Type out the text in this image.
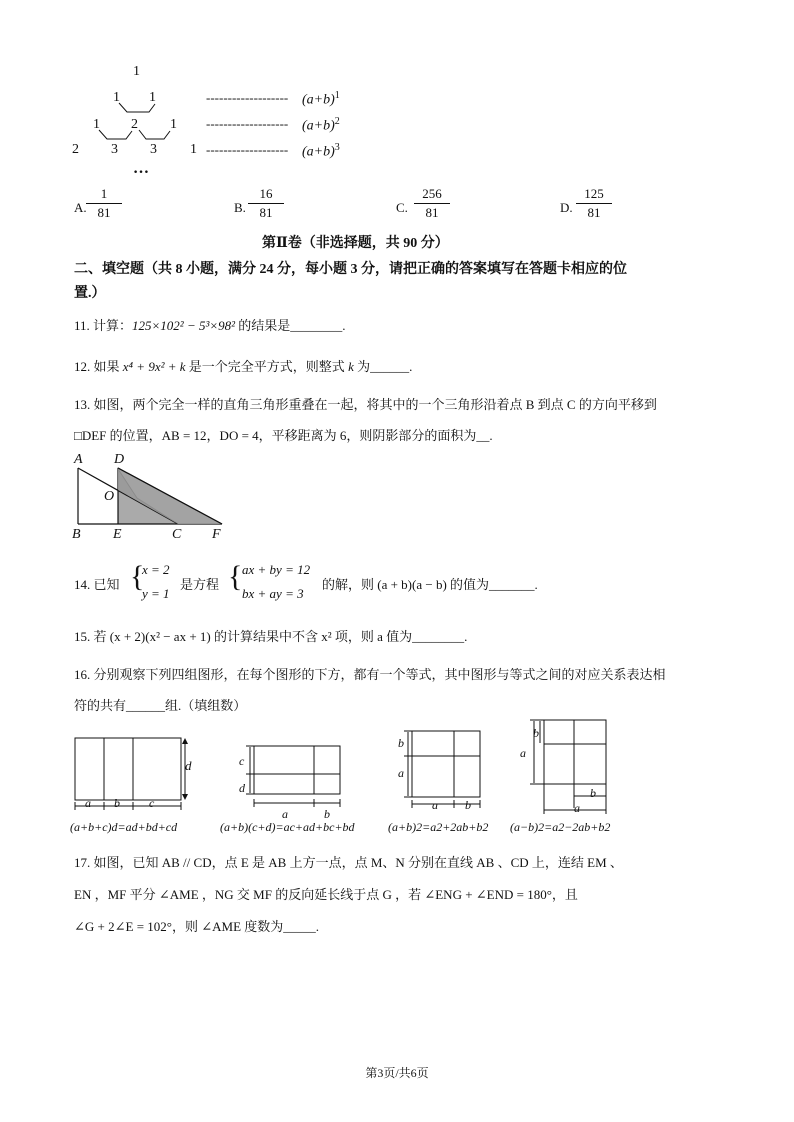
1
1 1
1 2 1
2 3 3 1
…
------------------- $(a+b)^1$
------------------- $(a+b)^2$
------------------- $(a+b)^3$
A. $\frac{1}{81}$	B. $\frac{16}{81}$	C. $\frac{256}{81}$	D. $\frac{125}{81}$
第Ⅱ卷（非选择题，共 90 分）
二、填空题（共 8 小题，满分 24 分，每小题 3 分，请把正确的答案填写在答题卡相应的位
置.）
11. 计算：125×102² − 5³×98² 的结果是________.
12. 如果 x⁴ + 9x² + k 是一个完全平方式，则整式 k 为______.
13. 如图，两个完全一样的直角三角形重叠在一起，将其中的一个三角形沿着点 B 到点 C 的方向平移到
□DEF 的位置，AB = 12，DO = 4，平移距离为 6，则阴影部分的面积为__.
A D
O
B E	C F
14. 已知 {
x = 2
y = 1
是方程 { ax + by = 12
bx + ay = 3
的解，则 (a + b)(a − b) 的值为_______.
15. 若 (x + 2)(x² − ax + 1) 的计算结果中不含 x² 项，则 a 值为________.
16. 分别观察下列四组图形，在每个图形的下方，都有一个等式，其中图形与等式之间的对应关系表达相
符的共有______组.（填组数）
d
a b c
c
d
a	b
b
a
a b
b
a
a
b
(a+b+c)d=ad+bd+cd	(a+b)(c+d)=ac+ad+bc+bd	(a+b)2=a2+2ab+b2 (a−b)2=a2−2ab+b2
17. 如图，已知 AB // CD，点 E 是 AB 上方一点，点 M、N 分别在直线 AB 、CD 上，连结 EM 、
EN ，MF 平分 ∠AME ，NG 交 MF 的反向延长线于点 G ，若 ∠ENG + ∠END = 180°，且
∠G + 2∠E = 102°，则 ∠AME 度数为_____.
第3页/共6页
